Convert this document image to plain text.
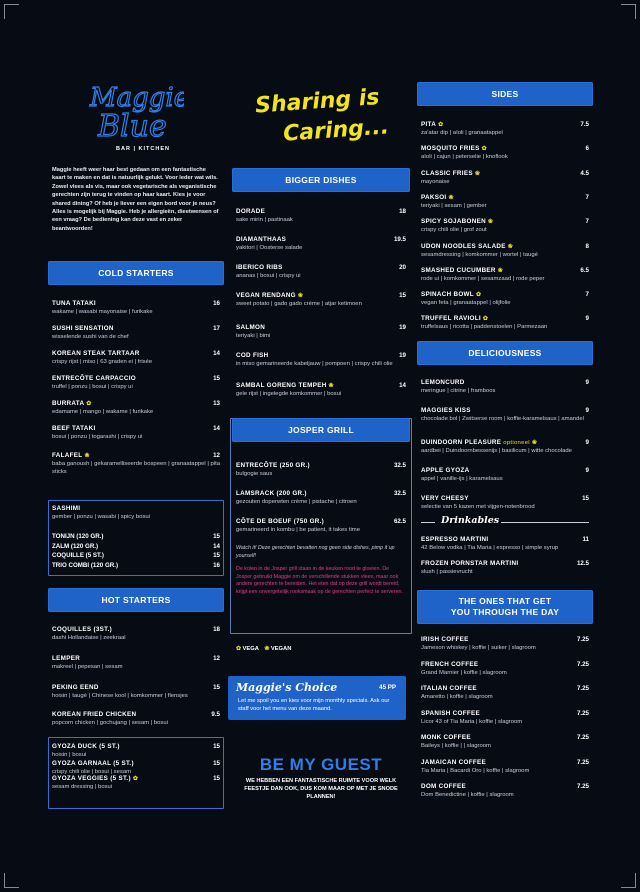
Maggie
Blue
BAR | KITCHEN
Maggie heeft weer haar best gedaan om een fantastische kaart te maken en dat is natuurlijk gelukt. Voor leder wat wils. Zowel vlees als vis, maar ook vegetarische als veganistische gerechten zijn terug te vinden op haar kaart. Kies je voor shared dining? Of heb je liever een eigen bord voor je neus? Alles is mogelijk bij Maggie. Heb je allergieën, dieetwensen of een vraag? De bediening kan deze vast en zeker beantwoorden!
COLD STARTERS
TUNA TATAKI
wakame | wasabi mayonaise | furikake
16
SUSHI SENSATION
wisselende sushi van de chef
17
KOREAN STEAK TARTAAR
crispy rijst | miso | 63 graden ei | frisée
14
ENTRECÔTE CARPACCIO
truffel | ponzu | bosui | crispy ui
15
BURRATA ✿
edamame | mango | wakame | furikake
13
BEEF TATAKI
bosui | ponzu | togarashi | crispy ui
14
FALAFEL ❀
baba ganoush | gekaramelliseerde bospeen | granaatappel | pita sticks
12
SASHIMI
gember | ponzu | wasabi | spicy bosui
TONIJN (120 GR.)	15
ZALM (120 GR.)	14
COQUILLE (5 ST.)	15
TRIO COMBI (120 GR.)	16
HOT STARTERS
COQUILLES (3ST.)
dashi Hollandaise | zeekraal
18
LEMPER
makreel | pepesan | sesam
12
PEKING EEND
hoisin | taugé | Chinese kool | komkommer | flensjes
15
KOREAN FRIED CHICKEN
popcorn chicken | gochujang | sesam | bosui
9.5
GYOZA DUCK (5 ST.)
hoisin | bosui
15
GYOZA GARNAAL (5 ST.)
crispy chili olie | bosui | sesam
15
GYOZA VEGGIES (5 ST.) ✿
sesam dressing | bosui
15
Sharing is
Caring...
BIGGER DISHES
DORADE
sake mirin | pastinaak
18
DIAMANTHAAS
yakitori | Oosterse salade
19.5
IBERICO RIBS
ananas | bosui | crispy ui
20
VEGAN RENDANG ❀
sweet potato | gado gado crème | atjar ketimoen
15
SALMON
teriyaki | bimi
19
COD FISH
in miso gemarineerde kabeljauw | pompoen | crispy chili olie
19
SAMBAL GORENG TEMPEH ❀
gele rijst | ingelegde komkommer | bosui
14
JOSPER GRILL
ENTRECÔTE (250 GR.)
bulgogie saus
32.5
LAMSRACK (200 GR.)
gezouten doperwten crème | pistache | citroen
32.5
CÔTE DE BOEUF (750 GR.)
gemarineerd in kombu | be patient, it takes time
62.5
Watch it! Deze gerechten bevatten nog geen side dishes, pimp it up yourself!
De kolen in de Josper grill staan in de keuken rood te gloeien. De Josper gebruikt Maggie om de verschillende stukken vlees, maar ook andere gerechten te bereiden. Het eten dat op deze grill wordt bereid, krijgt een onvergetelijk rooksmaak op de gerechten perfect te serveren.
✿ VEGA ❀ VEGAN
Maggie's Choice	45 PP
Let me spoil you en kies voor mijn monthly specials. Ask our staff voor het menu van deze maand.
BE MY GUEST
WE HEBBEN EEN FANTASTISCHE RUIMTE VOOR WELK FEESTJE DAN OOK, DUS KOM MAAR OP MET JE SNODE PLANNEN!
SIDES
PITA ✿
za'atar dip | aïoli | granaatappel
7.5
MOSQUITO FRIES ✿
aïoli | cajun | peterselie | knoflook
6
CLASSIC FRIES ❀
mayonaise
4.5
PAKSOI ❀
teriyaki | sesam | gember
7
SPICY SOJABONEN ❀
crispy chili olie | grof zout
7
UDON NOODLES SALADE ❀
sesamdressing | komkommer | wortel | taugé
8
SMASHED CUCUMBER ❀
rode ui | komkommer | sesamzaad | rode peper
6.5
SPINACH BOWL ✿
vegan feta | granaatappel | olijfolie
7
TRUFFEL RAVIOLI ✿
truffelsaus | ricotta | paddenstoelen | Parmezaan
9
DELICIOUSNESS
LEMONCURD
meringue | citrine | framboos
9
MAGGIES KISS
chocolade bol | Zwitserse room | koffie-karamelsaus | amandel
9
DUINDOORN PLEASURE optioneel ❀
aardbei | Duindoornbessenijs | basilicum | witte chocolade
9
APPLE GYOZA
appel | vanille-ijs | karamelsaus
9
VERY CHEESY
selectie van 5 kazen met vijgen-notenbrood
15
ESPRESSO MARTINI
42 Below vodka | Tia Maria | espresso | simple syrup
11
FROZEN PORNSTAR MARTINI
slush | passievrucht
12.5
THE ONES THAT GET
YOU THROUGH THE DAY
IRISH COFFEE
Jameson whiskey | koffie | suiker | slagroom
7.25
FRENCH COFFEE
Grand Marnier | koffie | slagroom
7.25
ITALIAN COFFEE
Amaretto | koffie | slagroom
7.25
SPANISH COFFEE
Licor 43 of Tia Maria | koffie | slagroom
7.25
MONK COFFEE
Baileys | koffie | | slagroom
7.25
JAMAICAN COFFEE
Tia Maria | Bacardi Oro | koffie | slagroom
7.25
DOM COFFEE
Dom Benedictine | koffie | slagroom
7.25
Drinkables
